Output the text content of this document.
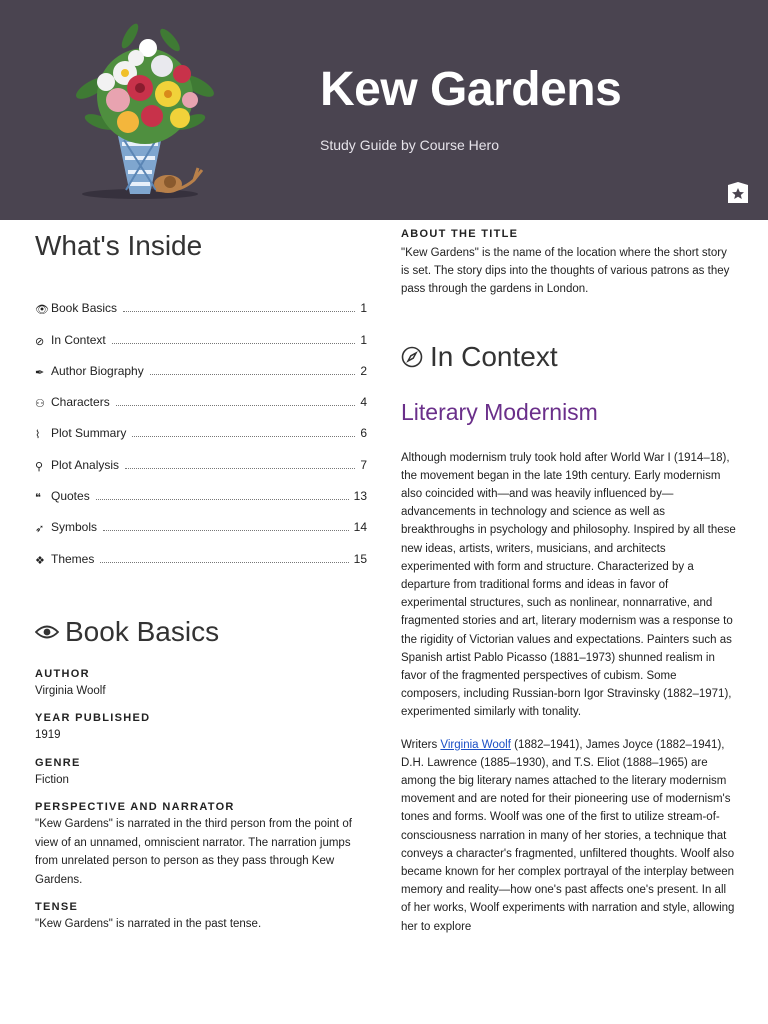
Kew Gardens

Study Guide by Course Hero

What's Inside
👁 Book Basics	1
⊘ In Context	1
✒ Author Biography	2
⚇ Characters	4
⌇ Plot Summary	6
⚲ Plot Analysis	7
❝ Quotes	13
➶ Symbols	14
❖ Themes	15
Book Basics

AUTHOR

Virginia Woolf

YEAR PUBLISHED

1919

GENRE

Fiction

PERSPECTIVE AND NARRATOR

"Kew Gardens" is narrated in the third person from the point of view of an unnamed, omniscient narrator. The narration jumps from unrelated person to person as they pass through Kew Gardens.

TENSE

"Kew Gardens" is narrated in the past tense.

ABOUT THE TITLE

"Kew Gardens" is the name of the location where the short story is set. The story dips into the thoughts of various patrons as they pass through the gardens in London.

In Context
Literary Modernism

Although modernism truly took hold after World War I (1914–18), the movement began in the late 19th century. Early modernism also coincided with—and was heavily influenced by—advancements in technology and science as well as breakthroughs in psychology and philosophy. Inspired by all these new ideas, artists, writers, musicians, and architects experimented with form and structure. Characterized by a departure from traditional forms and ideas in favor of experimental structures, such as nonlinear, nonnarrative, and fragmented stories and art, literary modernism was a response to the rigidity of Victorian values and expectations. Painters such as Spanish artist Pablo Picasso (1881–1973) shunned realism in favor of the fragmented perspectives of cubism. Some composers, including Russian-born Igor Stravinsky (1882–1971), experimented similarly with tonality.

Writers Virginia Woolf (1882–1941), James Joyce (1882–1941), D.H. Lawrence (1885–1930), and T.S. Eliot (1888–1965) are among the big literary names attached to the literary modernism movement and are noted for their pioneering use of modernism's tones and forms. Woolf was one of the first to utilize stream-of-consciousness narration in many of her stories, a technique that conveys a character's fragmented, unfiltered thoughts. Woolf also became known for her complex portrayal of the interplay between memory and reality—how one's past affects one's present. In all of her works, Woolf experiments with narration and style, allowing her to explore
